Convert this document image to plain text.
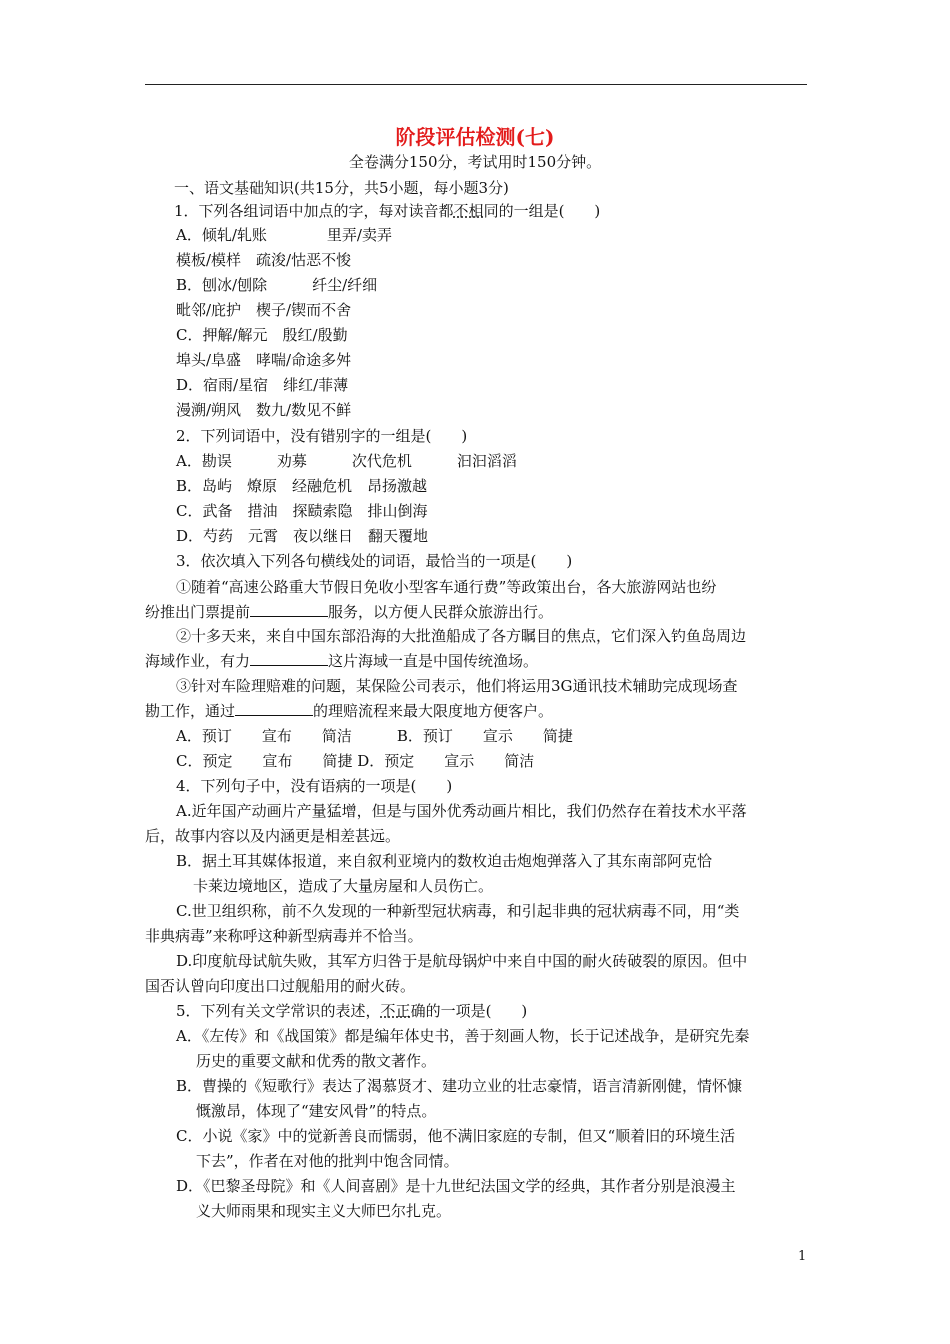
阶段评估检测(七)
全卷满分150分，考试用时150分钟。
一、语文基础知识(共15分，共5小题，每小题3分)
1．下列各组词语中加点的字，每对读音都不相同的一组是(　　)
A．倾轧/轧账　　　　里弄/卖弄
模板/模样　疏浚/怙恶不悛
B．刨冰/刨除　　　纤尘/纤细
毗邻/庇护　楔子/锲而不舍
C．押解/解元　殷红/殷勤
埠头/阜盛　哮喘/命途多舛
D．宿雨/星宿　绯红/菲薄
漫溯/朔风　数九/数见不鲜
2．下列词语中，没有错别字的一组是(　　)
A．勘误　　　劝募　　　次代危机　　　汩汩滔滔
B．岛屿　燎原　经融危机　昂扬激越
C．武备　措油　探赜索隐　排山倒海
D．芍药　元霄　夜以继日　翻天覆地
3．依次填入下列各句横线处的词语，最恰当的一项是(　　)
①随着“高速公路重大节假日免收小型客车通行费”等政策出台，各大旅游网站也纷
纷推出门票提前	服务，以方便人民群众旅游出行。
②十多天来，来自中国东部沿海的大批渔船成了各方瞩目的焦点，它们深入钓鱼岛周边
海域作业，有力	这片海域一直是中国传统渔场。
③针对车险理赔难的问题，某保险公司表示，他们将运用3G通讯技术辅助完成现场查
勘工作，通过	的理赔流程来最大限度地方便客户。
A．预订　　宣布　　简洁　　　B．预订　　宣示　　简捷
C．预定　　宣布　　简捷 D．预定　　宣示　　简洁
4．下列句子中，没有语病的一项是(　　)
A.近年国产动画片产量猛增，但是与国外优秀动画片相比，我们仍然存在着技术水平落
后，故事内容以及内涵更是相差甚远。
B．据土耳其媒体报道，来自叙利亚境内的数枚迫击炮炮弹落入了其东南部阿克恰
卡莱边境地区，造成了大量房屋和人员伤亡。
C.世卫组织称，前不久发现的一种新型冠状病毒，和引起非典的冠状病毒不同，用“类
非典病毒”来称呼这种新型病毒并不恰当。
D.印度航母试航失败，其军方归咎于是航母锅炉中来自中国的耐火砖破裂的原因。但中
国否认曾向印度出口过舰船用的耐火砖。
5．下列有关文学常识的表述，不正确的一项是(　　)
A．《左传》和《战国策》都是编年体史书，善于刻画人物，长于记述战争，是研究先秦
历史的重要文献和优秀的散文著作。
B．曹操的《短歌行》表达了渴慕贤才、建功立业的壮志豪情，语言清新刚健，情怀慷
慨激昂，体现了“建安风骨”的特点。
C．小说《家》中的觉新善良而懦弱，他不满旧家庭的专制，但又“顺着旧的环境生活
下去”，作者在对他的批判中饱含同情。
D．《巴黎圣母院》和《人间喜剧》是十九世纪法国文学的经典，其作者分别是浪漫主
义大师雨果和现实主义大师巴尔扎克。
1
